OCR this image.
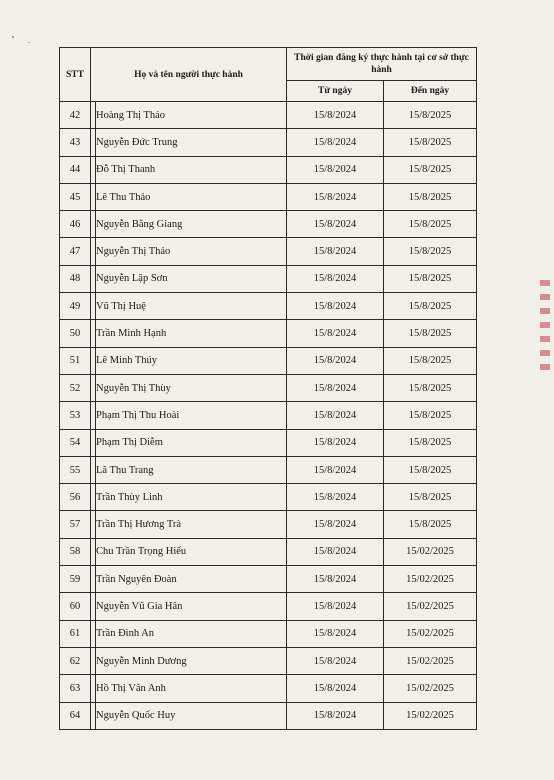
STT	Họ và tên người thực hành		Thời gian đăng ký thực hành tại cơ sở thực hành	
			Từ ngày	Đến ngày
42		Hoàng Thị Thảo	15/8/2024	15/8/2025
43		Nguyễn Đức Trung	15/8/2024	15/8/2025
44		Đỗ Thị Thanh	15/8/2024	15/8/2025
45		Lê Thu Thảo	15/8/2024	15/8/2025
46		Nguyễn Bằng Giang	15/8/2024	15/8/2025
47		Nguyễn Thị Thảo	15/8/2024	15/8/2025
48		Nguyễn Lập Sơn	15/8/2024	15/8/2025
49		Vũ Thị Huệ	15/8/2024	15/8/2025
50		Trần Minh Hạnh	15/8/2024	15/8/2025
51		Lê Minh Thúy	15/8/2024	15/8/2025
52		Nguyễn Thị Thùy	15/8/2024	15/8/2025
53		Phạm Thị Thu Hoài	15/8/2024	15/8/2025
54		Phạm Thị Diễm	15/8/2024	15/8/2025
55		Lã Thu Trang	15/8/2024	15/8/2025
56		Trần Thùy Linh	15/8/2024	15/8/2025
57		Trần Thị Hương Trà	15/8/2024	15/8/2025
58		Chu Trần Trọng Hiếu	15/8/2024	15/02/2025
59		Trần Nguyên Đoàn	15/8/2024	15/02/2025
60		Nguyễn Vũ Gia Hân	15/8/2024	15/02/2025
61		Trần Đình An	15/8/2024	15/02/2025
62		Nguyễn Minh Dương	15/8/2024	15/02/2025
63		Hồ Thị Vân Anh	15/8/2024	15/02/2025
64		Nguyễn Quốc Huy	15/8/2024	15/02/2025
